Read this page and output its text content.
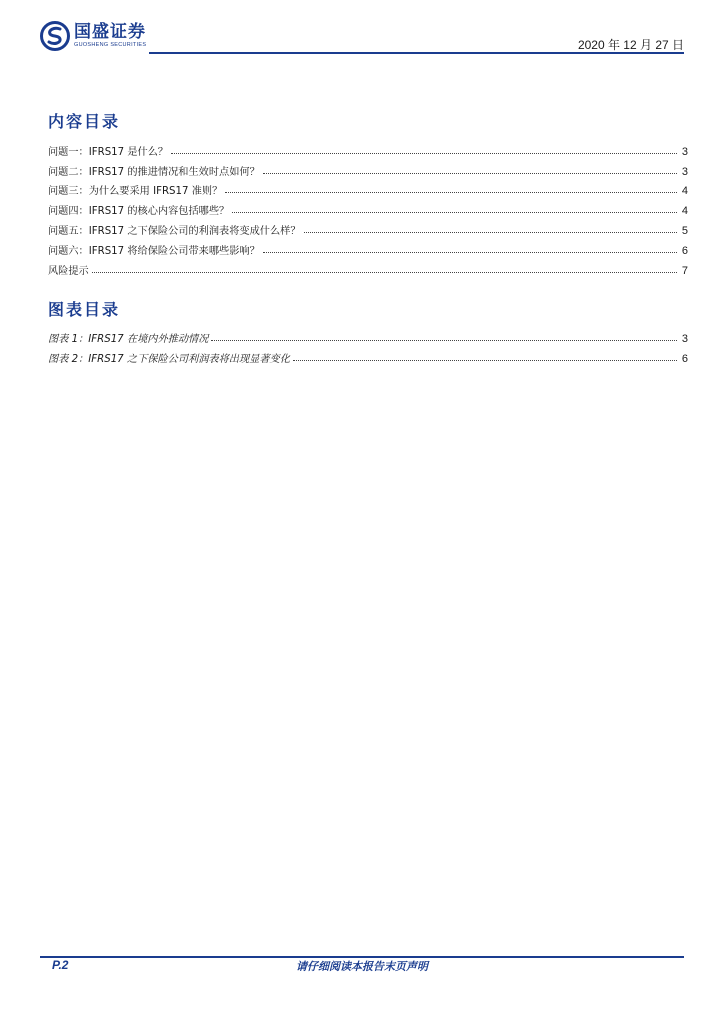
国盛证券
GUOSHENG SECURITIES	2020 年 12 月 27 日
内容目录
问题一：IFRS17 是什么？	3
问题二：IFRS17 的推进情况和生效时点如何？	3
问题三：为什么要采用 IFRS17 准则？	4
问题四：IFRS17 的核心内容包括哪些？	4
问题五：IFRS17 之下保险公司的利润表将变成什么样？	5
问题六：IFRS17 将给保险公司带来哪些影响？	6
风险提示	7
图表目录
图表 1：IFRS17 在境内外推动情况	3
图表 2：IFRS17 之下保险公司利润表将出现显著变化	6
P.2	请仔细阅读本报告末页声明
